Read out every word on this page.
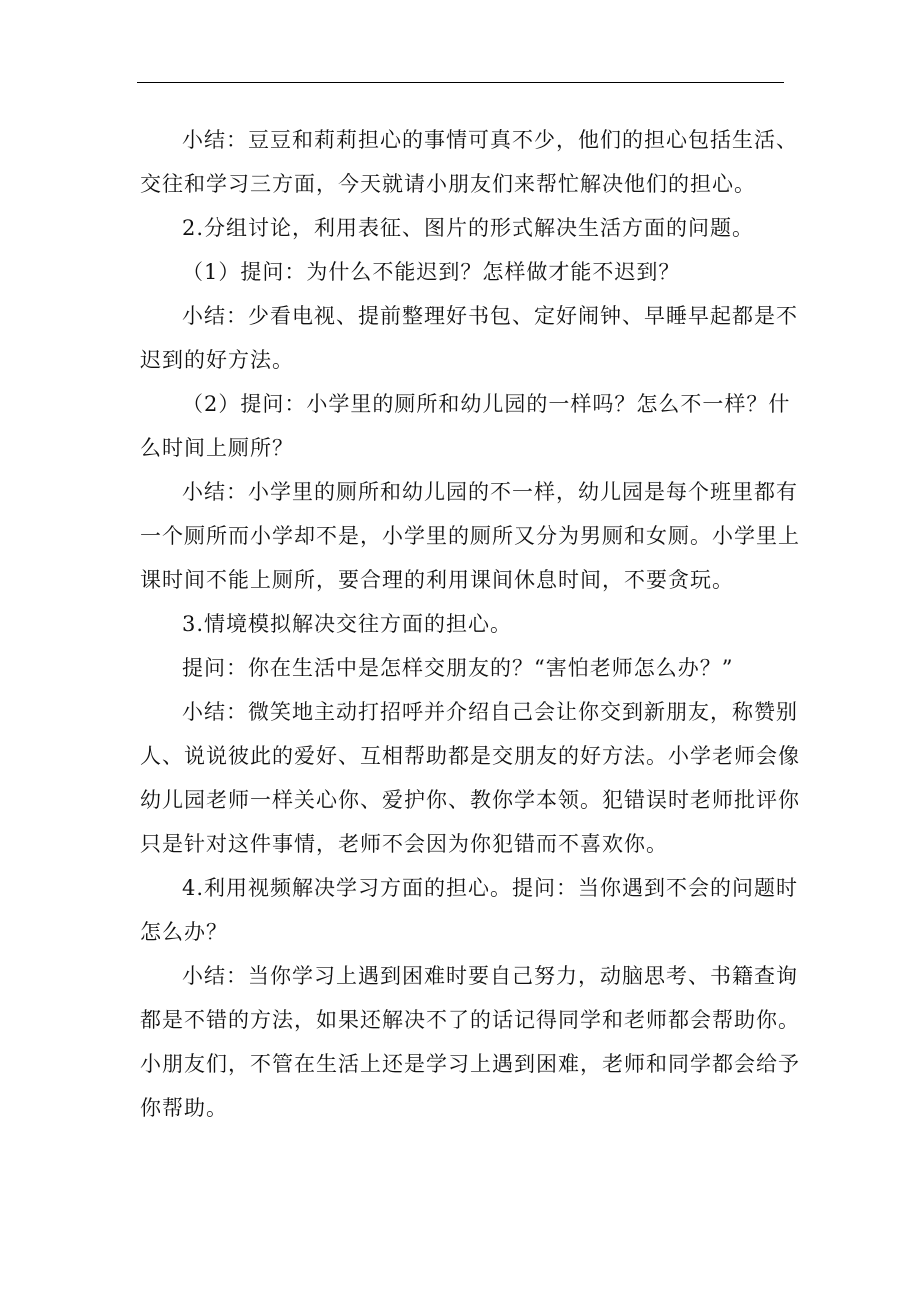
小结：豆豆和莉莉担心的事情可真不少，他们的担心包括生活、
交往和学习三方面，今天就请小朋友们来帮忙解决他们的担心。

2.分组讨论，利用表征、图片的形式解决生活方面的问题。

（1）提问：为什么不能迟到？怎样做才能不迟到？

小结：少看电视、提前整理好书包、定好闹钟、早睡早起都是不
迟到的好方法。

（2）提问：小学里的厕所和幼儿园的一样吗？怎么不一样？什
么时间上厕所？

小结：小学里的厕所和幼儿园的不一样，幼儿园是每个班里都有
一个厕所而小学却不是，小学里的厕所又分为男厕和女厕。小学里上
课时间不能上厕所，要合理的利用课间休息时间，不要贪玩。

3.情境模拟解决交往方面的担心。

提问：你在生活中是怎样交朋友的？“害怕老师怎么办？”

小结：微笑地主动打招呼并介绍自己会让你交到新朋友，称赞别
人、说说彼此的爱好、互相帮助都是交朋友的好方法。小学老师会像
幼儿园老师一样关心你、爱护你、教你学本领。犯错误时老师批评你
只是针对这件事情，老师不会因为你犯错而不喜欢你。

4.利用视频解决学习方面的担心。提问：当你遇到不会的问题时
怎么办？

小结：当你学习上遇到困难时要自己努力，动脑思考、书籍查询
都是不错的方法，如果还解决不了的话记得同学和老师都会帮助你。
小朋友们，不管在生活上还是学习上遇到困难，老师和同学都会给予
你帮助。
